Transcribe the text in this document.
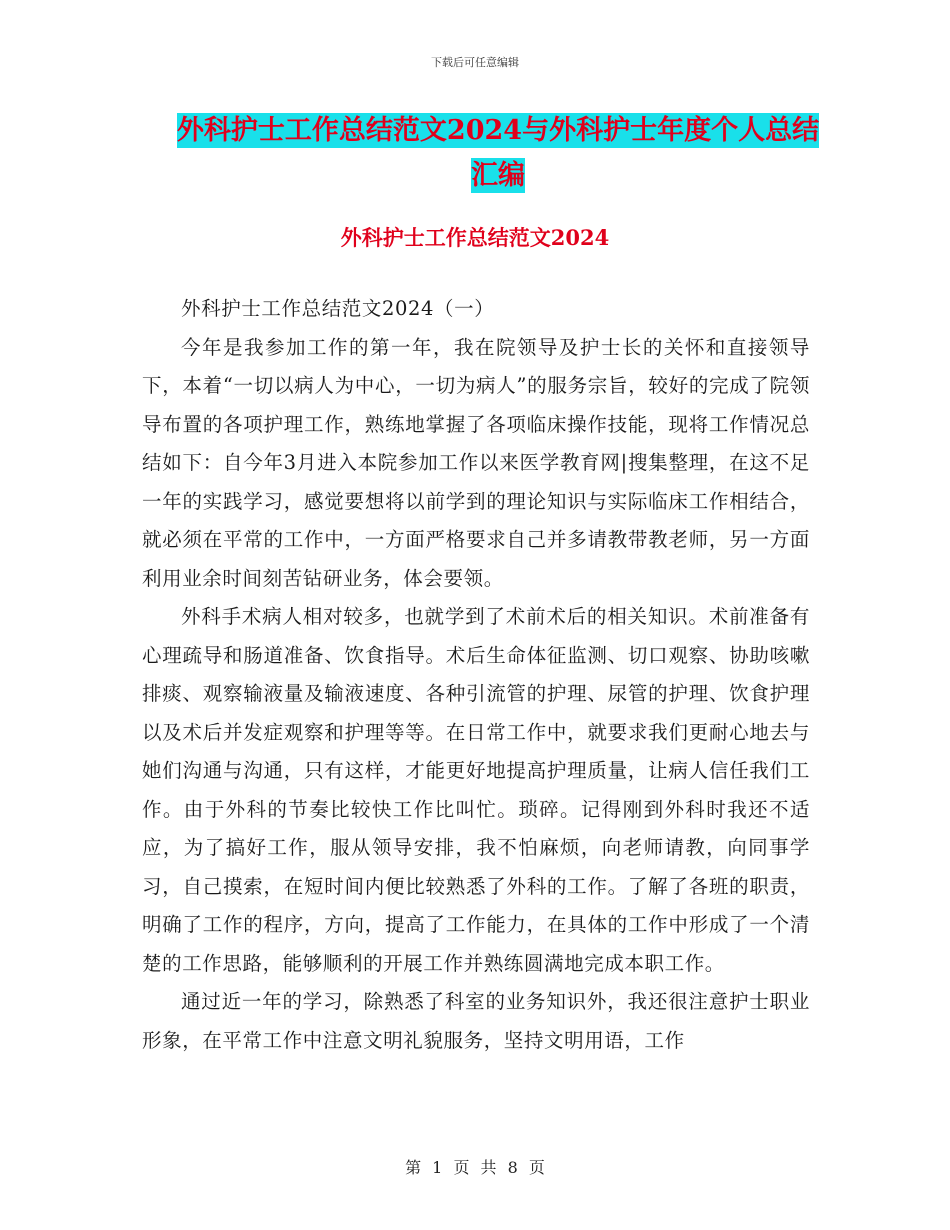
下载后可任意编辑
外科护士工作总结范文2024与外科护士年度个人总结
汇编
外科护士工作总结范文2024

外科护士工作总结范文2024（一）

今年是我参加工作的第一年，我在院领导及护士长的关怀和直接领导下，本着“一切以病人为中心，一切为病人”的服务宗旨，较好的完成了院领导布置的各项护理工作，熟练地掌握了各项临床操作技能，现将工作情况总结如下：自今年3月进入本院参加工作以来医学教育网|搜集整理，在这不足一年的实践学习，感觉要想将以前学到的理论知识与实际临床工作相结合，就必须在平常的工作中，一方面严格要求自己并多请教带教老师，另一方面利用业余时间刻苦钻研业务，体会要领。

外科手术病人相对较多，也就学到了术前术后的相关知识。术前准备有心理疏导和肠道准备、饮食指导。术后生命体征监测、切口观察、协助咳嗽排痰、观察输液量及输液速度、各种引流管的护理、尿管的护理、饮食护理以及术后并发症观察和护理等等。在日常工作中，就要求我们更耐心地去与她们沟通与沟通，只有这样，才能更好地提高护理质量，让病人信任我们工作。由于外科的节奏比较快工作比叫忙。琐碎。记得刚到外科时我还不适应，为了搞好工作，服从领导安排，我不怕麻烦，向老师请教，向同事学习，自己摸索，在短时间内便比较熟悉了外科的工作。了解了各班的职责，明确了工作的程序，方向，提高了工作能力，在具体的工作中形成了一个清楚的工作思路，能够顺利的开展工作并熟练圆满地完成本职工作。

通过近一年的学习，除熟悉了科室的业务知识外，我还很注意护士职业形象，在平常工作中注意文明礼貌服务，坚持文明用语，工作

第 1 页 共 8 页
